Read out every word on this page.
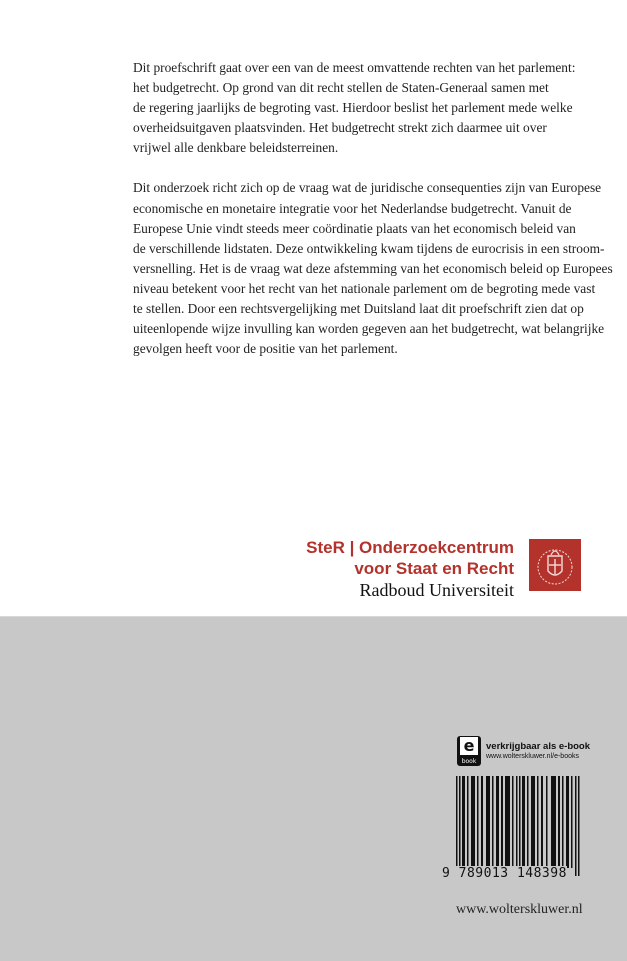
Dit proefschrift gaat over een van de meest omvattende rechten van het parlement:
het budgetrecht. Op grond van dit recht stellen de Staten-Generaal samen met
de regering jaarlijks de begroting vast. Hierdoor beslist het parlement mede welke
overheidsuitgaven plaatsvinden. Het budgetrecht strekt zich daarmee uit over
vrijwel alle denkbare beleidsterreinen.

Dit onderzoek richt zich op de vraag wat de juridische consequenties zijn van Europese
economische en monetaire integratie voor het Nederlandse budgetrecht. Vanuit de
Europese Unie vindt steeds meer coördinatie plaats van het economisch beleid van
de verschillende lidstaten. Deze ontwikkeling kwam tijdens de eurocrisis in een stroom-
versnelling. Het is de vraag wat deze afstemming van het economisch beleid op Europees
niveau betekent voor het recht van het nationale parlement om de begroting mede vast
te stellen. Door een rechtsvergelijking met Duitsland laat dit proefschrift zien dat op
uiteenlopende wijze invulling kan worden gegeven aan het budgetrecht, wat belangrijke
gevolgen heeft voor de positie van het parlement.

SteR | Onderzoekcentrum
voor Staat en Recht
Radboud Universiteit
e
book
verkrijgbaar als e-book
www.wolterskluwer.nl/e-books
9 789013 148398
www.wolterskluwer.nl
